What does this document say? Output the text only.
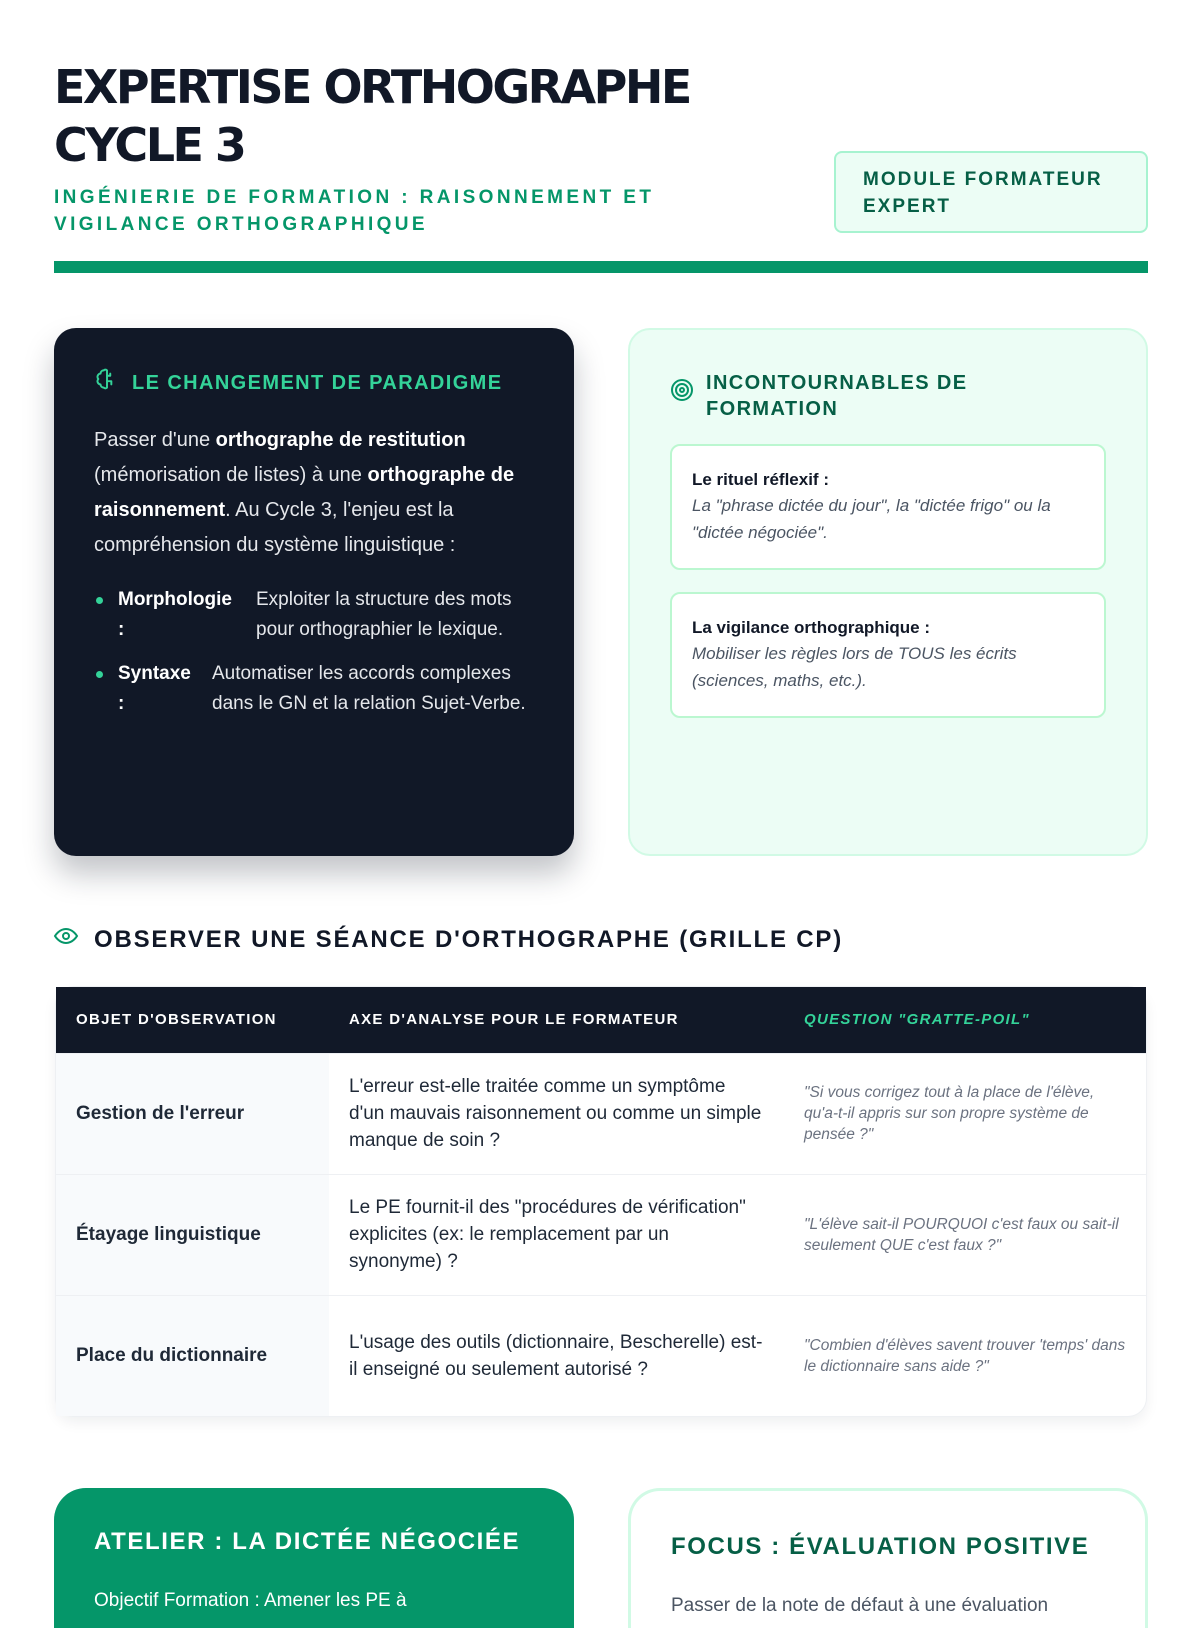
EXPERTISE ORTHOGRAPHE
CYCLE 3
INGÉNIERIE DE FORMATION : RAISONNEMENT ET VIGILANCE ORTHOGRAPHIQUE
MODULE FORMATEUR EXPERT
LE CHANGEMENT DE PARADIGME

Passer d'une orthographe de restitution (mémorisation de listes) à une orthographe de raisonnement. Au Cycle 3, l'enjeu est la compréhension du système linguistique :

Morphologie :
Exploiter la structure des mots pour orthographier le lexique.
Syntaxe :
Automatiser les accords complexes dans le GN et la relation Sujet-Verbe.
INCONTOURNABLES DE FORMATION
Le rituel réflexif :
La "phrase dictée du jour", la "dictée frigo" ou la "dictée négociée".
La vigilance orthographique :
Mobiliser les règles lors de TOUS les écrits (sciences, maths, etc.).
OBSERVER UNE SÉANCE D'ORTHOGRAPHE (GRILLE CP)
OBJET D'OBSERVATION	AXE D'ANALYSE POUR LE FORMATEUR	QUESTION "GRATTE-POIL"
Gestion de l'erreur	L'erreur est-elle traitée comme un symptôme d'un mauvais raisonnement ou comme un simple manque de soin ?	"Si vous corrigez tout à la place de l'élève, qu'a-t-il appris sur son propre système de pensée ?"
Étayage linguistique	Le PE fournit-il des "procédures de vérification" explicites (ex: le remplacement par un synonyme) ?	"L'élève sait-il POURQUOI c'est faux ou sait-il seulement QUE c'est faux ?"
Place du dictionnaire	L'usage des outils (dictionnaire, Bescherelle) est-il enseigné ou seulement autorisé ?	"Combien d'élèves savent trouver 'temps' dans le dictionnaire sans aide ?"
ATELIER : LA DICTÉE NÉGOCIÉE
Objectif Formation : Amener les PE à
FOCUS : ÉVALUATION POSITIVE
Passer de la note de défaut à une évaluation
